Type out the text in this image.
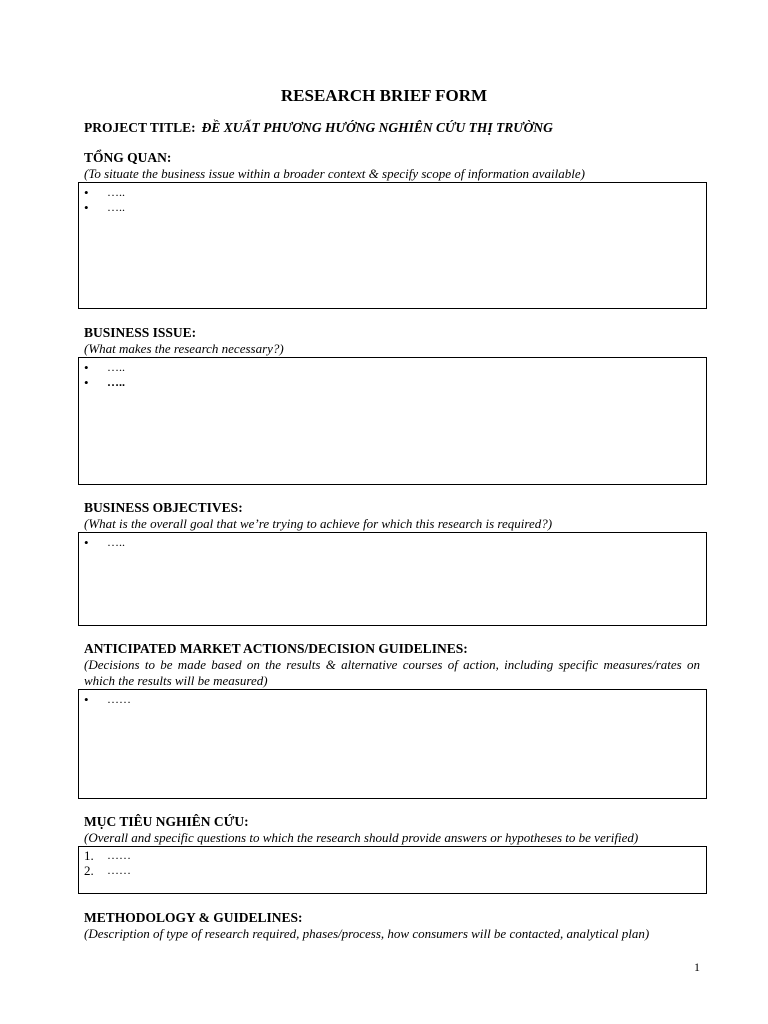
RESEARCH BRIEF FORM
PROJECT TITLE: ĐỀ XUẤT PHƯƠNG HƯỚNG NGHIÊN CỨU THỊ TRƯỜNG
TỔNG QUAN:
(To situate the business issue within a broader context & specify scope of information available)
• …..
• …..
BUSINESS ISSUE:
(What makes the research necessary?)
• …..
• …..
BUSINESS OBJECTIVES:
(What is the overall goal that we’re trying to achieve for which this research is required?)
• …..
ANTICIPATED MARKET ACTIONS/DECISION GUIDELINES:
(Decisions to be made based on the results & alternative courses of action, including specific measures/rates on which the results will be measured)
• ……
MỤC TIÊU NGHIÊN CỨU:
(Overall and specific questions to which the research should provide answers or hypotheses to be verified)
1. ……
2. ……
METHODOLOGY & GUIDELINES:
(Description of type of research required, phases/process, how consumers will be contacted, analytical plan)
1
